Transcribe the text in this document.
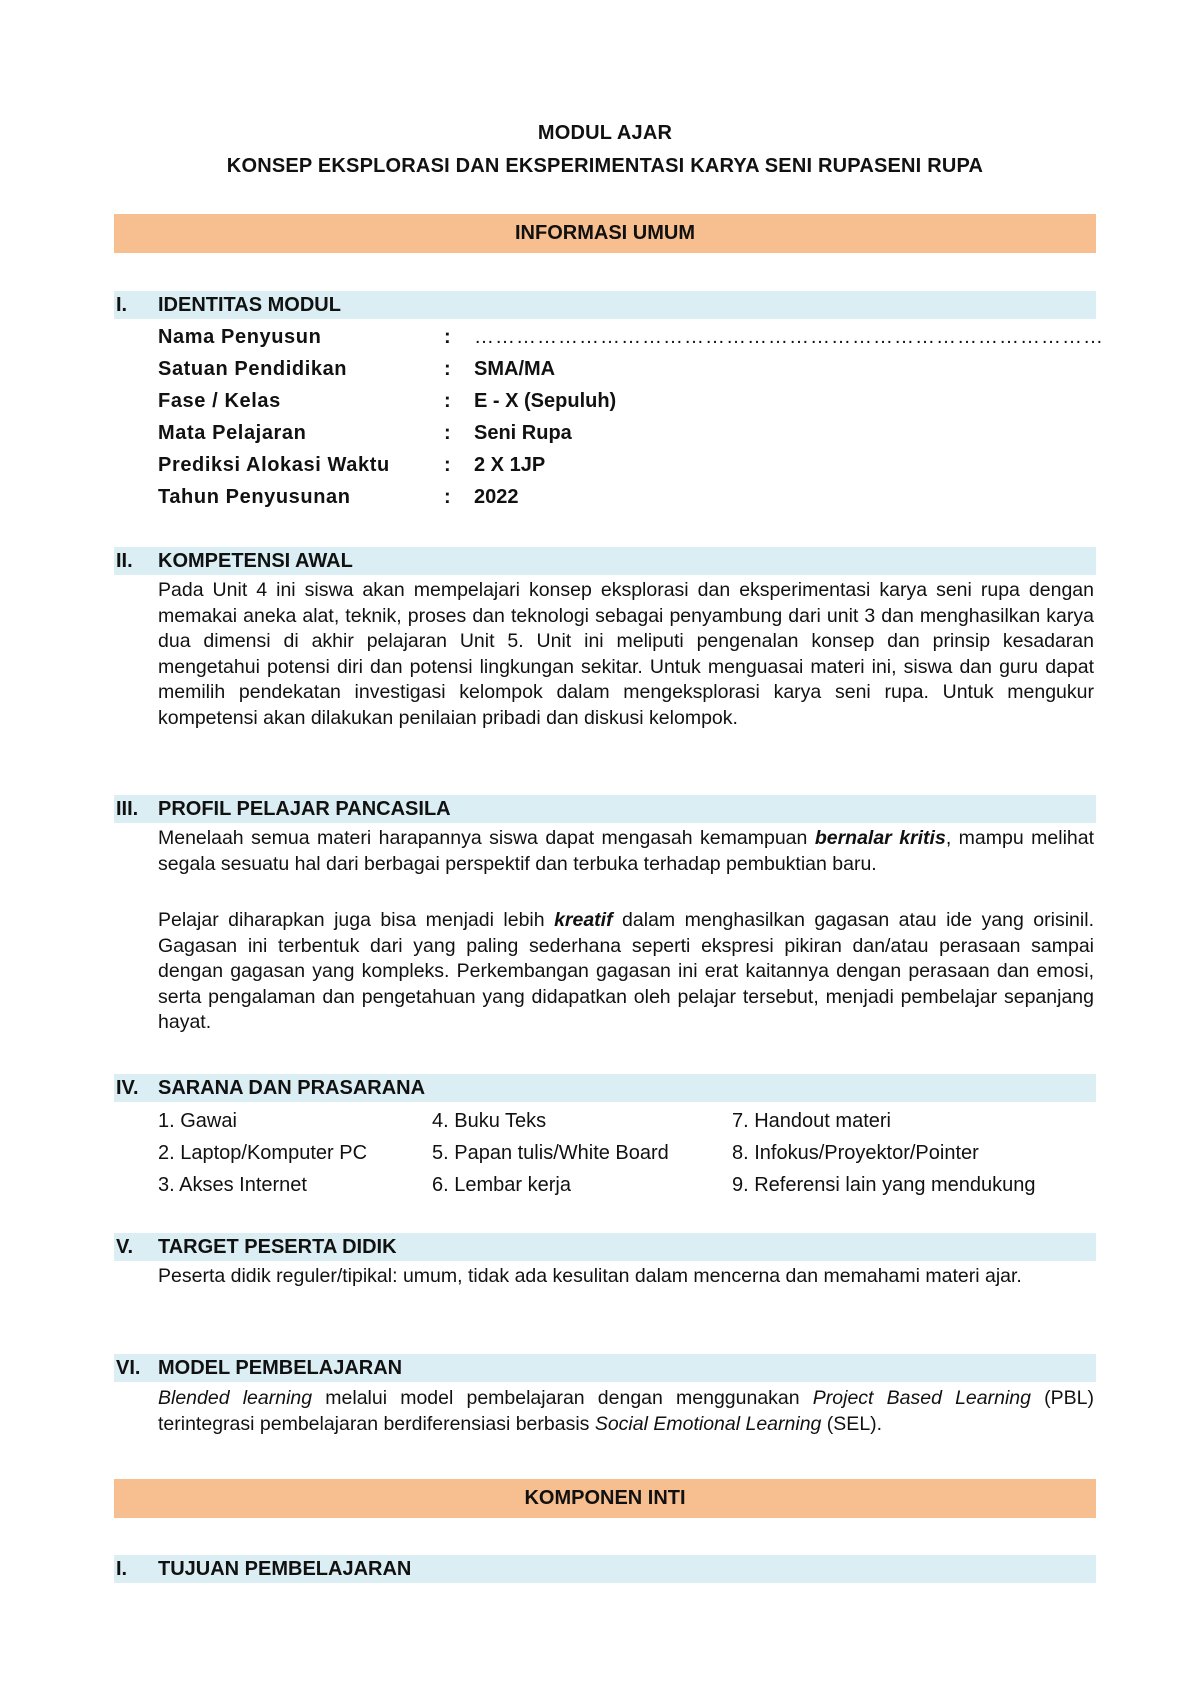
MODUL AJAR
KONSEP EKSPLORASI DAN EKSPERIMENTASI KARYA SENI RUPASENI RUPA
INFORMASI UMUM
I. IDENTITAS MODUL
Nama Penyusun	: ………………………………………………………………………………
Satuan Pendidikan	: SMA/MA
Fase / Kelas	: E - X (Sepuluh)
Mata Pelajaran	: Seni Rupa
Prediksi Alokasi Waktu	: 2 X 1JP
Tahun Penyusunan	: 2022
II. KOMPETENSI AWAL

Pada Unit 4 ini siswa akan mempelajari konsep eksplorasi dan eksperimentasi karya seni rupa dengan memakai aneka alat, teknik, proses dan teknologi sebagai penyambung dari unit 3 dan menghasilkan karya dua dimensi di akhir pelajaran Unit 5. Unit ini meliputi pengenalan konsep dan prinsip kesadaran mengetahui potensi diri dan potensi lingkungan sekitar. Untuk menguasai materi ini, siswa dan guru dapat memilih pendekatan investigasi kelompok dalam mengeksplorasi karya seni rupa. Untuk mengukur kompetensi akan dilakukan penilaian pribadi dan diskusi kelompok.

III. PROFIL PELAJAR PANCASILA

Menelaah semua materi harapannya siswa dapat mengasah kemampuan bernalar kritis, mampu melihat segala sesuatu hal dari berbagai perspektif dan terbuka terhadap pembuktian baru.

Pelajar diharapkan juga bisa menjadi lebih kreatif dalam menghasilkan gagasan atau ide yang orisinil. Gagasan ini terbentuk dari yang paling sederhana seperti ekspresi pikiran dan/atau perasaan sampai dengan gagasan yang kompleks. Perkembangan gagasan ini erat kaitannya dengan perasaan dan emosi, serta pengalaman dan pengetahuan yang didapatkan oleh pelajar tersebut, menjadi pembelajar sepanjang hayat.

IV. SARANA DAN PRASARANA
1. Gawai
2. Laptop/Komputer PC
3. Akses Internet
4. Buku Teks
5. Papan tulis/White Board
6. Lembar kerja
7. Handout materi
8. Infokus/Proyektor/Pointer
9. Referensi lain yang mendukung
V. TARGET PESERTA DIDIK

Peserta didik reguler/tipikal: umum, tidak ada kesulitan dalam mencerna dan memahami materi ajar.

VI. MODEL PEMBELAJARAN

Blended learning melalui model pembelajaran dengan menggunakan Project Based Learning (PBL) terintegrasi pembelajaran berdiferensiasi berbasis Social Emotional Learning (SEL).

KOMPONEN INTI
I. TUJUAN PEMBELAJARAN
